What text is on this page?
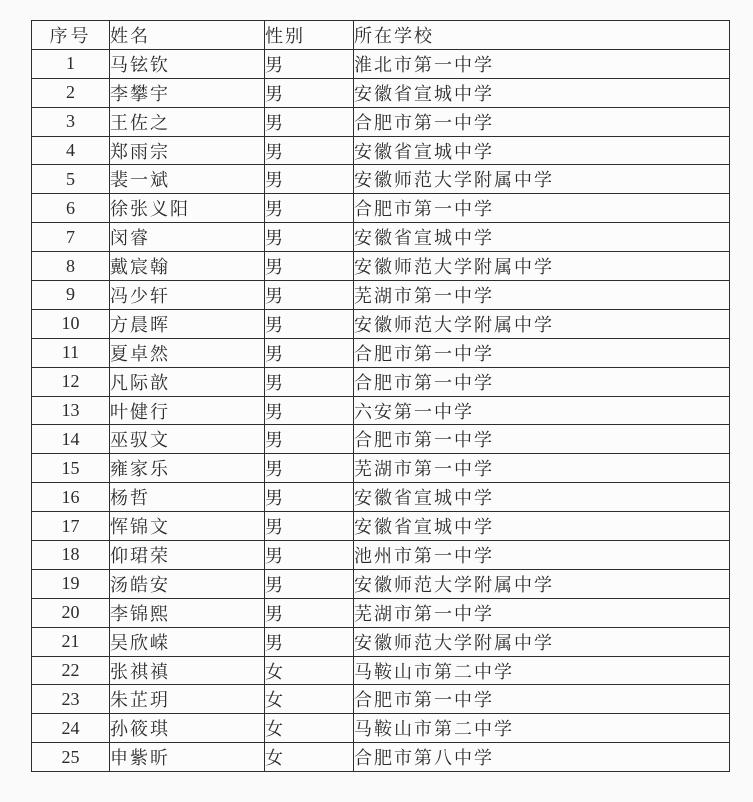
序号	姓名	性别	所在学校
1	马铉钦	男	淮北市第一中学
2	李攀宇	男	安徽省宣城中学
3	王佐之	男	合肥市第一中学
4	郑雨宗	男	安徽省宣城中学
5	裴一斌	男	安徽师范大学附属中学
6	徐张义阳	男	合肥市第一中学
7	闵睿	男	安徽省宣城中学
8	戴宸翰	男	安徽师范大学附属中学
9	冯少轩	男	芜湖市第一中学
10	方晨晖	男	安徽师范大学附属中学
11	夏卓然	男	合肥市第一中学
12	凡际歆	男	合肥市第一中学
13	叶健行	男	六安第一中学
14	巫驭文	男	合肥市第一中学
15	雍家乐	男	芜湖市第一中学
16	杨哲	男	安徽省宣城中学
17	恽锦文	男	安徽省宣城中学
18	仰珺荣	男	池州市第一中学
19	汤皓安	男	安徽师范大学附属中学
20	李锦熙	男	芜湖市第一中学
21	吴欣嵘	男	安徽师范大学附属中学
22	张祺禛	女	马鞍山市第二中学
23	朱芷玥	女	合肥市第一中学
24	孙筱琪	女	马鞍山市第二中学
25	申紫昕	女	合肥市第八中学
